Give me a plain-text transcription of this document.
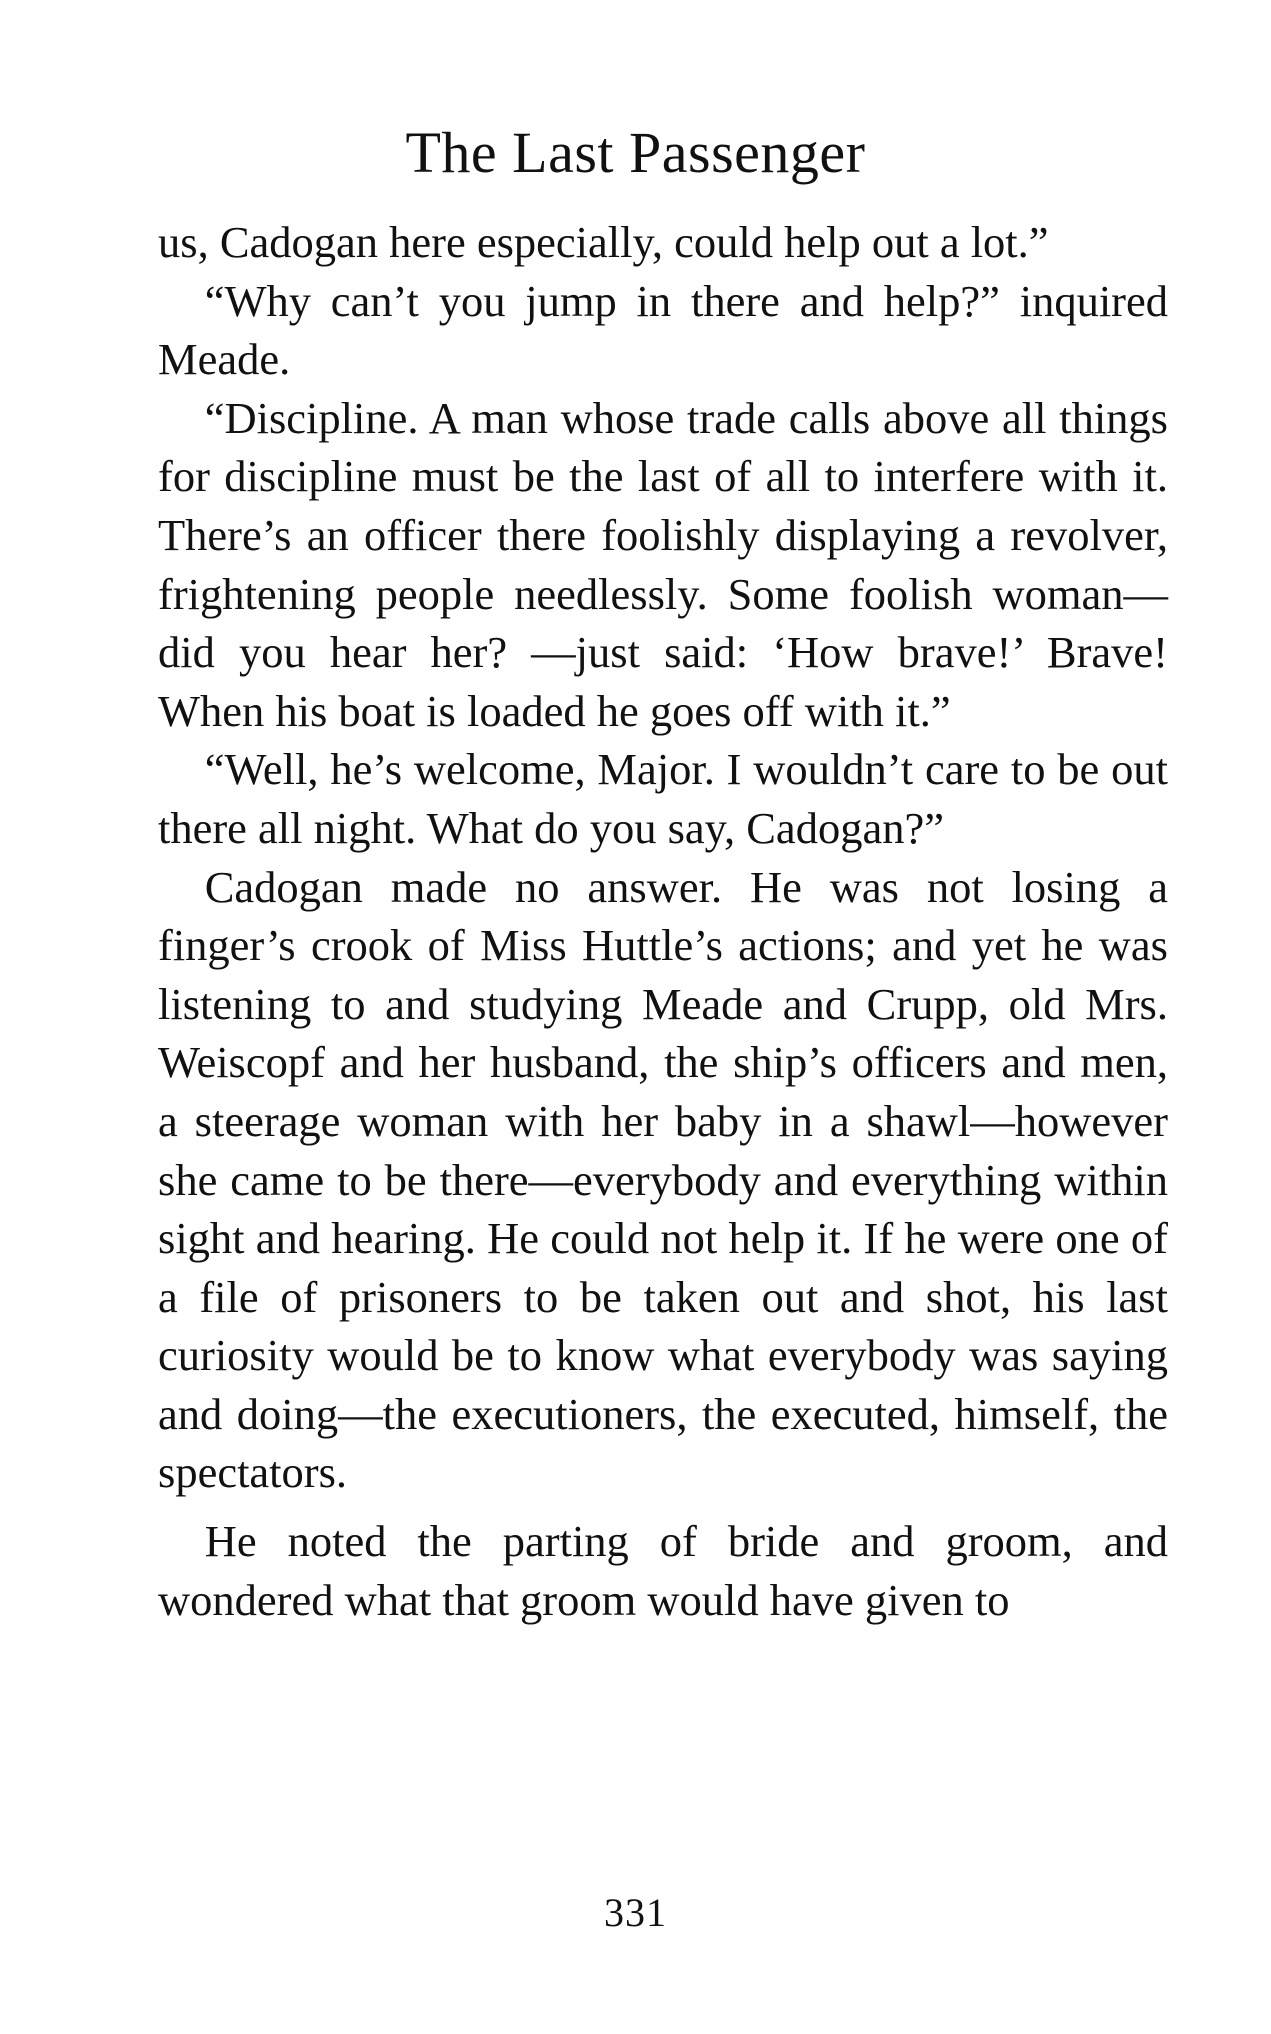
The Last Passenger

us, Cadogan here especially, could help out a lot.”

“Why can’t you jump in there and help?” inquired Meade.

“Discipline. A man whose trade calls above all things for discipline must be the last of all to interfere with it. There’s an officer there foolishly displaying a revolver, frightening people needlessly. Some foolish woman—did you hear her? —just said: ‘How brave!’ Brave! When his boat is loaded he goes off with it.”

“Well, he’s welcome, Major. I wouldn’t care to be out there all night. What do you say, Cadogan?”

Cadogan made no answer. He was not losing a finger’s crook of Miss Huttle’s actions; and yet he was listening to and studying Meade and Crupp, old Mrs. Weiscopf and her husband, the ship’s officers and men, a steerage woman with her baby in a shawl—however she came to be there—everybody and everything within sight and hearing. He could not help it. If he were one of a file of prisoners to be taken out and shot, his last curiosity would be to know what everybody was saying and doing—the executioners, the executed, himself, the spectators.

He noted the parting of bride and groom, and wondered what that groom would have given to

331
